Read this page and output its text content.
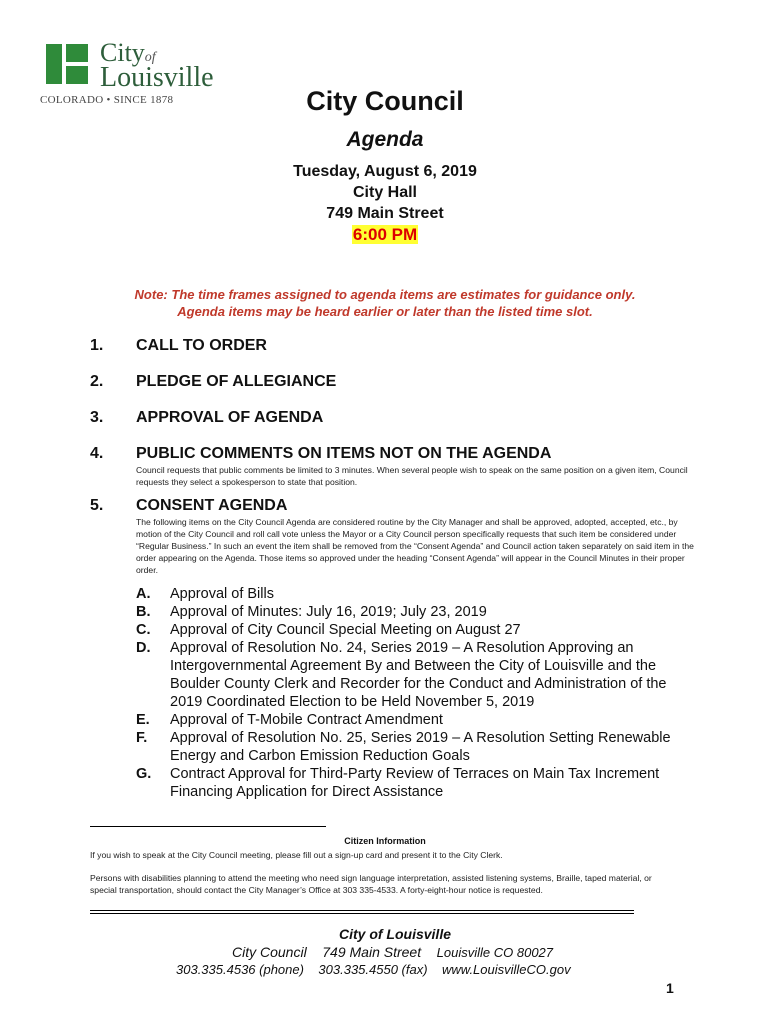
Cityof
Louisville
COLORADO • SINCE 1878	City Council
Agenda
Tuesday, August 6, 2019
City Hall
749 Main Street
6:00 PM
Note: The time frames assigned to agenda items are estimates for guidance only.
Agenda items may be heard earlier or later than the listed time slot.
1. CALL TO ORDER
2. PLEDGE OF ALLEGIANCE
3. APPROVAL OF AGENDA
4. PUBLIC COMMENTS ON ITEMS NOT ON THE AGENDA
Council requests that public comments be limited to 3 minutes. When several people wish to speak on the same position on a given item, Council requests they select a spokesperson to state that position.
5. CONSENT AGENDA
The following items on the City Council Agenda are considered routine by the City Manager and shall be approved, adopted, accepted, etc., by motion of the City Council and roll call vote unless the Mayor or a City Council person specifically requests that such item be considered under “Regular Business.” In such an event the item shall be removed from the “Consent Agenda” and Council action taken separately on said item in the order appearing on the Agenda. Those items so approved under the heading “Consent Agenda” will appear in the Council Minutes in their proper order.
A.	Approval of Bills
B.	Approval of Minutes: July 16, 2019; July 23, 2019
C.	Approval of City Council Special Meeting on August 27
D.	Approval of Resolution No. 24, Series 2019 – A Resolution Approving an Intergovernmental Agreement By and Between the City of Louisville and the Boulder County Clerk and Recorder for the Conduct and Administration of the 2019 Coordinated Election to be Held November 5, 2019
E.	Approval of T-Mobile Contract Amendment
F.	Approval of Resolution No. 25, Series 2019 – A Resolution Setting Renewable Energy and Carbon Emission Reduction Goals
G.	Contract Approval for Third-Party Review of Terraces on Main Tax Increment Financing Application for Direct Assistance
Citizen Information
If you wish to speak at the City Council meeting, please fill out a sign-up card and present it to the City Clerk.
Persons with disabilities planning to attend the meeting who need sign language interpretation, assisted listening systems, Braille, taped material, or special transportation, should contact the City Manager’s Office at 303 335-4533. A forty-eight-hour notice is requested.
City of Louisville
City Council 749 Main Street Louisville CO 80027
303.335.4536 (phone) 303.335.4550 (fax) www.LouisvilleCO.gov
1
